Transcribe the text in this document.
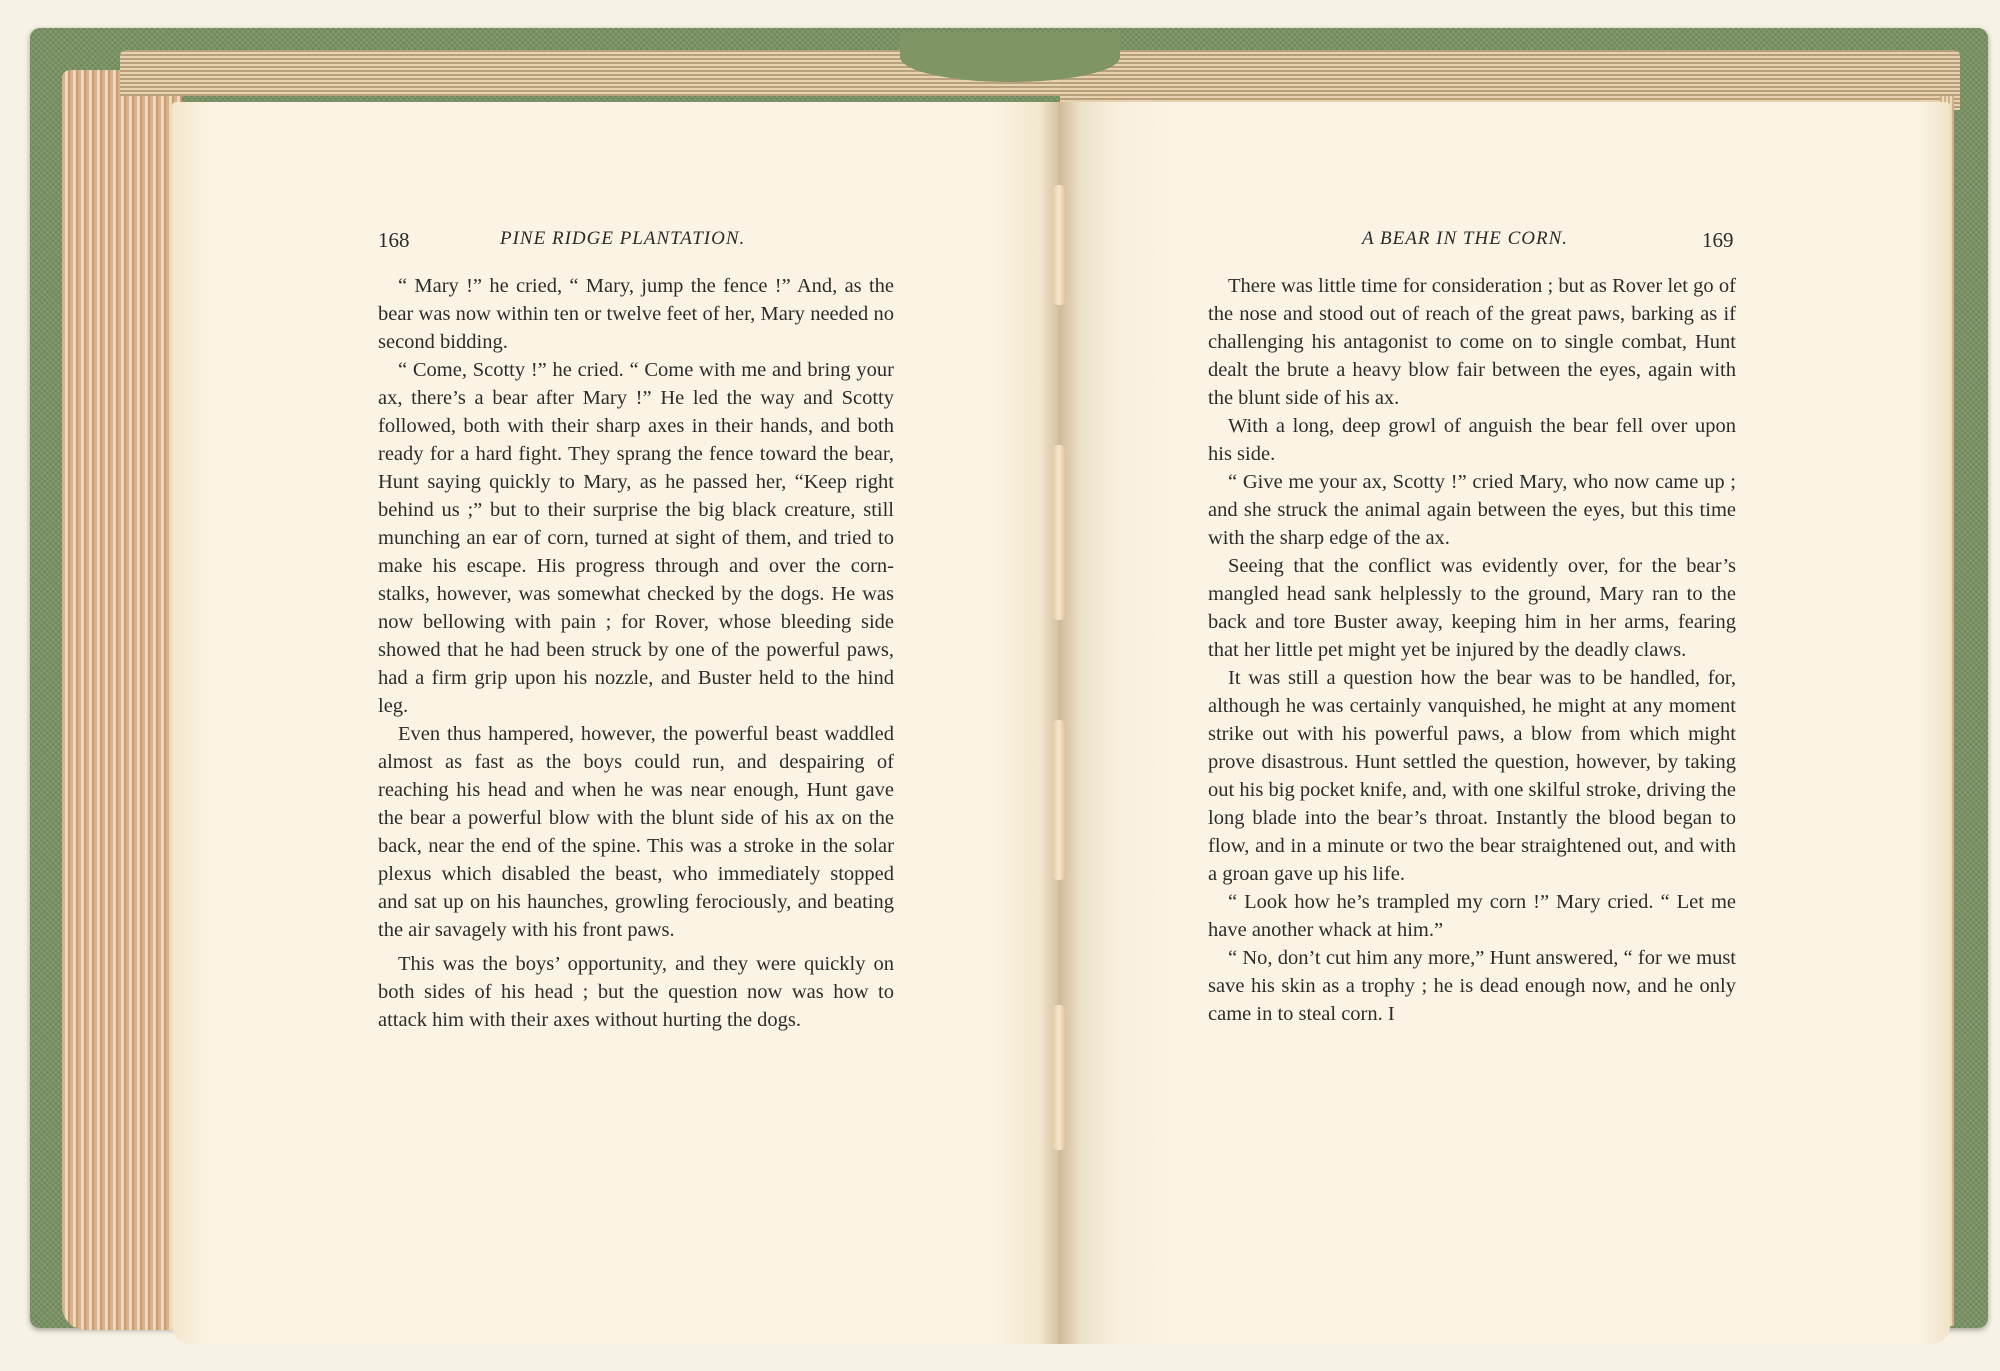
168	PINE RIDGE PLANTATION.	A BEAR IN THE CORN.	169

“ Mary !” he cried, “ Mary, jump the fence !” And, as the bear was now within ten or twelve feet of her, Mary needed no second bidding.

“ Come, Scotty !” he cried. “ Come with me and bring your ax, there’s a bear after Mary !” He led the way and Scotty followed, both with their sharp axes in their hands, and both ready for a hard fight. They sprang the fence toward the bear, Hunt saying quickly to Mary, as he passed her, “Keep right behind us ;” but to their surprise the big black creature, still munching an ear of corn, turned at sight of them, and tried to make his escape. His progress through and over the corn-stalks, however, was somewhat checked by the dogs. He was now bellowing with pain ; for Rover, whose bleeding side showed that he had been struck by one of the powerful paws, had a firm grip upon his nozzle, and Buster held to the hind leg.

Even thus hampered, however, the powerful beast waddled almost as fast as the boys could run, and despairing of reaching his head and when he was near enough, Hunt gave the bear a powerful blow with the blunt side of his ax on the back, near the end of the spine. This was a stroke in the solar plexus which disabled the beast, who immediately stopped and sat up on his haunches, growling ferociously, and beating the air savagely with his front paws.

This was the boys’ opportunity, and they were quickly on both sides of his head ; but the question now was how to attack him with their axes without hurting the dogs.

There was little time for consideration ; but as Rover let go of the nose and stood out of reach of the great paws, barking as if challenging his antagonist to come on to single combat, Hunt dealt the brute a heavy blow fair between the eyes, again with the blunt side of his ax.

With a long, deep growl of anguish the bear fell over upon his side.

“ Give me your ax, Scotty !” cried Mary, who now came up ; and she struck the animal again between the eyes, but this time with the sharp edge of the ax.

Seeing that the conflict was evidently over, for the bear’s mangled head sank helplessly to the ground, Mary ran to the back and tore Buster away, keeping him in her arms, fearing that her little pet might yet be injured by the deadly claws.

It was still a question how the bear was to be handled, for, although he was certainly vanquished, he might at any moment strike out with his powerful paws, a blow from which might prove disastrous. Hunt settled the question, however, by taking out his big pocket knife, and, with one skilful stroke, driving the long blade into the bear’s throat. Instantly the blood began to flow, and in a minute or two the bear straightened out, and with a groan gave up his life.

“ Look how he’s trampled my corn !” Mary cried. “ Let me have another whack at him.”

“ No, don’t cut him any more,” Hunt answered, “ for we must save his skin as a trophy ; he is dead enough now, and he only came in to steal corn. I
